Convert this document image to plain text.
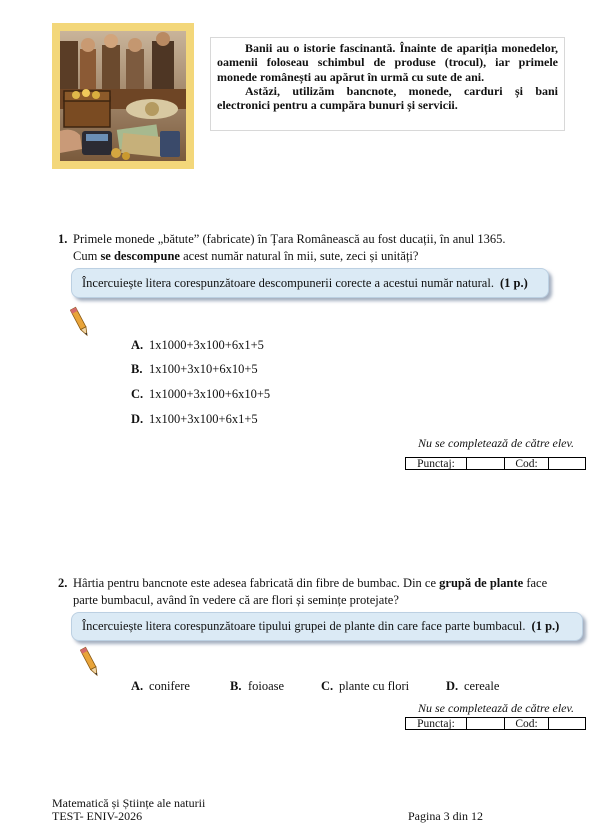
Banii au o istorie fascinantă. Înainte de apariția monedelor, oamenii foloseau schimbul de produse (trocul), iar primele monede românești au apărut în urmă cu sute de ani.

Astăzi, utilizăm bancnote, monede, carduri și bani electronici pentru a cumpăra bunuri și servicii.

1. Primele monede „bătute” (fabricate) în Țara Românească au fost ducații, în anul 1365.
Cum se descompune acest număr natural în mii, sute, zeci și unități?
Încercuiește litera corespunzătoare descompunerii corecte a acestui număr natural. (1 p.)
A. 1x1000+3x100+6x1+5
B. 1x100+3x10+6x10+5
C. 1x1000+3x100+6x10+5
D. 1x100+3x100+6x1+5
Nu se completează de către elev.
Punctaj:	Cod:
2. Hârtia pentru bancnote este adesea fabricată din fibre de bumbac. Din ce grupă de plante face
parte bumbacul, având în vedere că are flori și semințe protejate?
Încercuiește litera corespunzătoare tipului grupei de plante din care face parte bumbacul. (1 p.)
A. conifere	B. foioase	C. plante cu flori	D. cereale
Nu se completează de către elev.
Punctaj:	Cod:
Matematică și Științe ale naturii
TEST- ENIV-2026	Pagina 3 din 12
